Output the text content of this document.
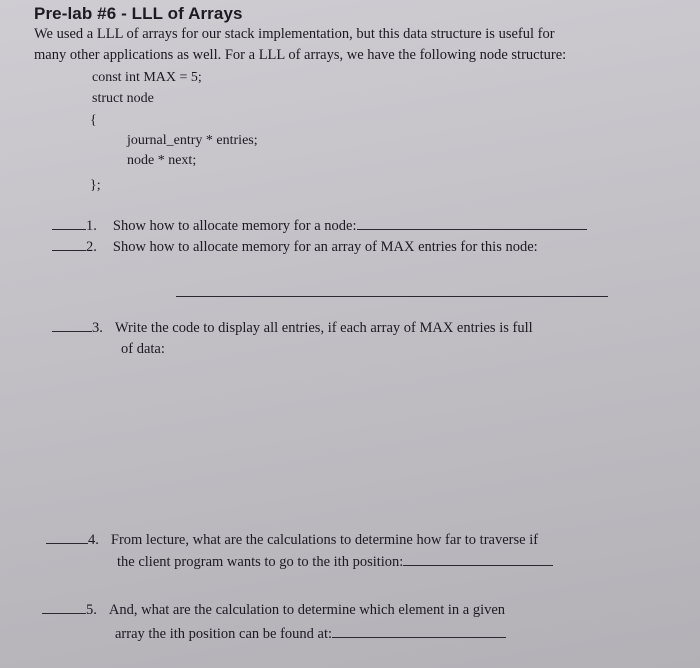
Pre-lab #6 - LLL of Arrays
We used a LLL of arrays for our stack implementation, but this data structure is useful for
many other applications as well. For a LLL of arrays, we have the following node structure:
const int MAX = 5;
struct node
{
journal_entry * entries;
node * next;
};
1. Show how to allocate memory for a node:
2. Show how to allocate memory for an array of MAX entries for this node:
3. Write the code to display all entries, if each array of MAX entries is full
of data:
4. From lecture, what are the calculations to determine how far to traverse if
the client program wants to go to the ith position:
5. And, what are the calculation to determine which element in a given
array the ith position can be found at:
